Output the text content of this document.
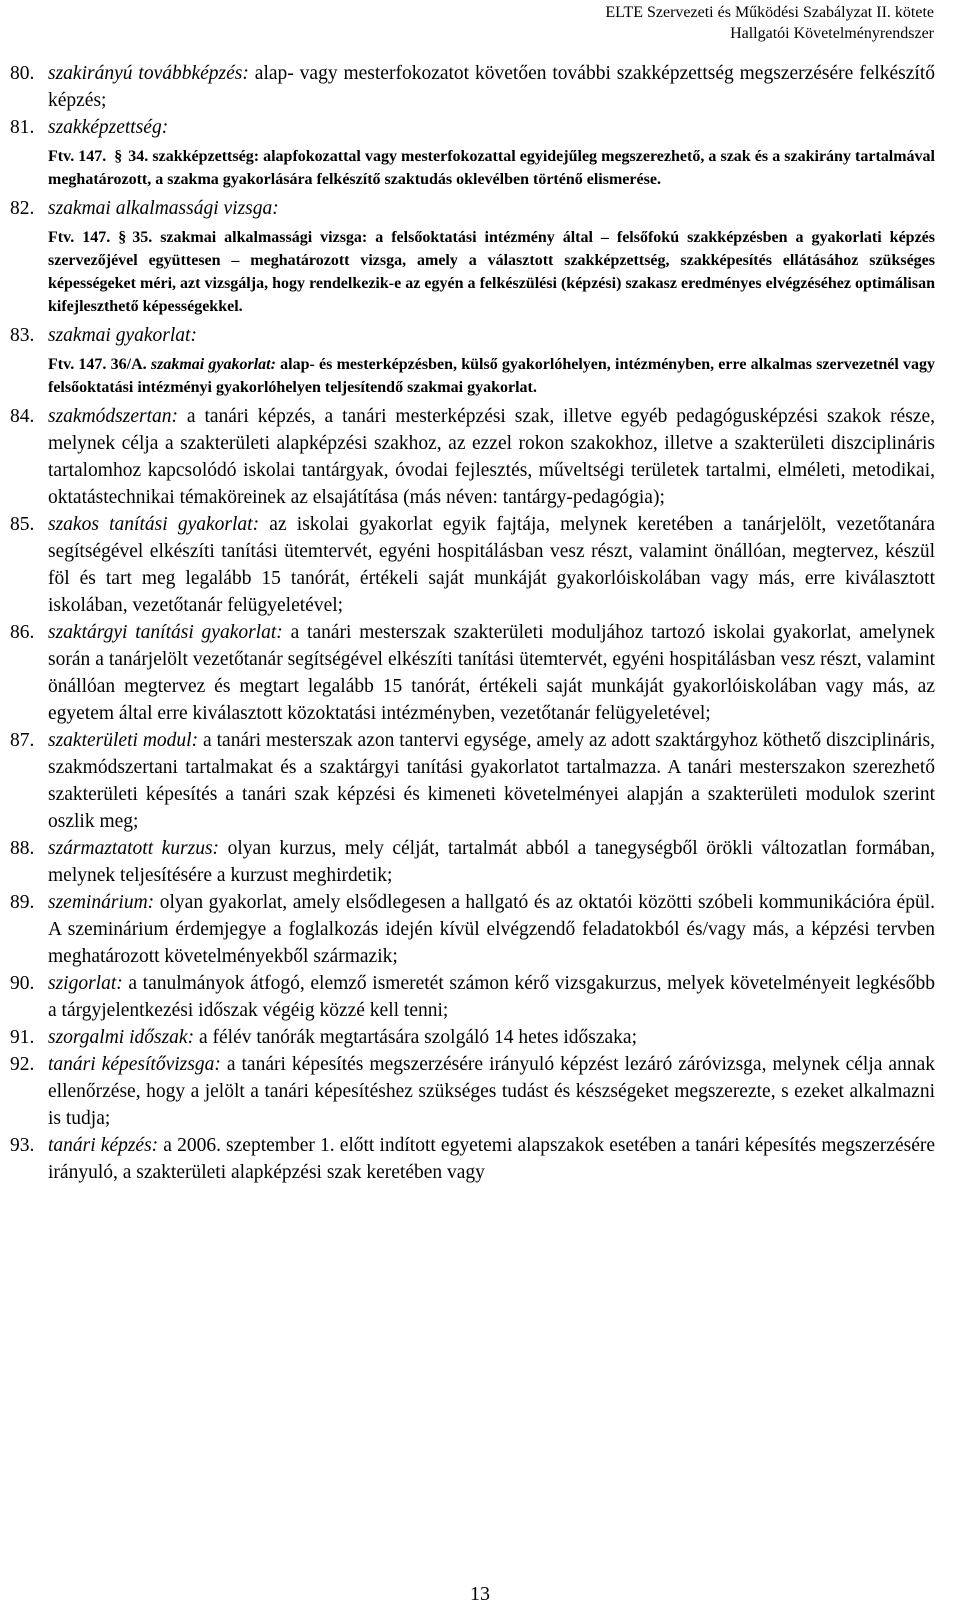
ELTE Szervezeti és Működési Szabályzat II. kötete
Hallgatói Követelményrendszer
80. szakirányú továbbképzés: alap- vagy mesterfokozatot követően további szakképzettség megszerzésére felkészítő képzés;

81. szakképzettség:

Ftv. 147. § 34. szakképzettség: alapfokozattal vagy mesterfokozattal egyidejűleg megszerezhető, a szak és a szakirány tartalmával meghatározott, a szakma gyakorlására felkészítő szaktudás oklevélben történő elismerése.

82. szakmai alkalmassági vizsga:

Ftv. 147. § 35. szakmai alkalmassági vizsga: a felsőoktatási intézmény által – felsőfokú szakképzésben a gyakorlati képzés szervezőjével együttesen – meghatározott vizsga, amely a választott szakképzettség, szakképesítés ellátásához szükséges képességeket méri, azt vizsgálja, hogy rendelkezik-e az egyén a felkészülési (képzési) szakasz eredményes elvégzéséhez optimálisan kifejleszthető képességekkel.

83. szakmai gyakorlat:

Ftv. 147. 36/A. szakmai gyakorlat: alap- és mesterképzésben, külső gyakorlóhelyen, intézményben, erre alkalmas szervezetnél vagy felsőoktatási intézményi gyakorlóhelyen teljesítendő szakmai gyakorlat.

84. szakmódszertan: a tanári képzés, a tanári mesterképzési szak, illetve egyéb pedagógusképzési szakok része, melynek célja a szakterületi alapképzési szakhoz, az ezzel rokon szakokhoz, illetve a szakterületi diszciplináris tartalomhoz kapcsolódó iskolai tantárgyak, óvodai fejlesztés, műveltségi területek tartalmi, elméleti, metodikai, oktatástechnikai témaköreinek az elsajátítása (más néven: tantárgy-pedagógia);

85. szakos tanítási gyakorlat: az iskolai gyakorlat egyik fajtája, melynek keretében a tanárjelölt, vezetőtanára segítségével elkészíti tanítási ütemtervét, egyéni hospitálásban vesz részt, valamint önállóan, megtervez, készül föl és tart meg legalább 15 tanórát, értékeli saját munkáját gyakorlóiskolában vagy más, erre kiválasztott iskolában, vezetőtanár felügyeletével;

86. szaktárgyi tanítási gyakorlat: a tanári mesterszak szakterületi moduljához tartozó iskolai gyakorlat, amelynek során a tanárjelölt vezetőtanár segítségével elkészíti tanítási ütemtervét, egyéni hospitálásban vesz részt, valamint önállóan megtervez és megtart legalább 15 tanórát, értékeli saját munkáját gyakorlóiskolában vagy más, az egyetem által erre kiválasztott közoktatási intézményben, vezetőtanár felügyeletével;

87. szakterületi modul: a tanári mesterszak azon tantervi egysége, amely az adott szaktárgyhoz köthető diszciplináris, szakmódszertani tartalmakat és a szaktárgyi tanítási gyakorlatot tartalmazza. A tanári mesterszakon szerezhető szakterületi képesítés a tanári szak képzési és kimeneti követelményei alapján a szakterületi modulok szerint oszlik meg;

88. származtatott kurzus: olyan kurzus, mely célját, tartalmát abból a tanegységből örökli változatlan formában, melynek teljesítésére a kurzust meghirdetik;

89. szeminárium: olyan gyakorlat, amely elsődlegesen a hallgató és az oktatói közötti szóbeli kommunikációra épül. A szeminárium érdemjegye a foglalkozás idején kívül elvégzendő feladatokból és/vagy más, a képzési tervben meghatározott követelményekből származik;

90. szigorlat: a tanulmányok átfogó, elemző ismeretét számon kérő vizsgakurzus, melyek követelményeit legkésőbb a tárgyjelentkezési időszak végéig közzé kell tenni;

91. szorgalmi időszak: a félév tanórák megtartására szolgáló 14 hetes időszaka;

92. tanári képesítővizsga: a tanári képesítés megszerzésére irányuló képzést lezáró záróvizsga, melynek célja annak ellenőrzése, hogy a jelölt a tanári képesítéshez szükséges tudást és készségeket megszerezte, s ezeket alkalmazni is tudja;

93. tanári képzés: a 2006. szeptember 1. előtt indított egyetemi alapszakok esetében a tanári képesítés megszerzésére irányuló, a szakterületi alapképzési szak keretében vagy

13
